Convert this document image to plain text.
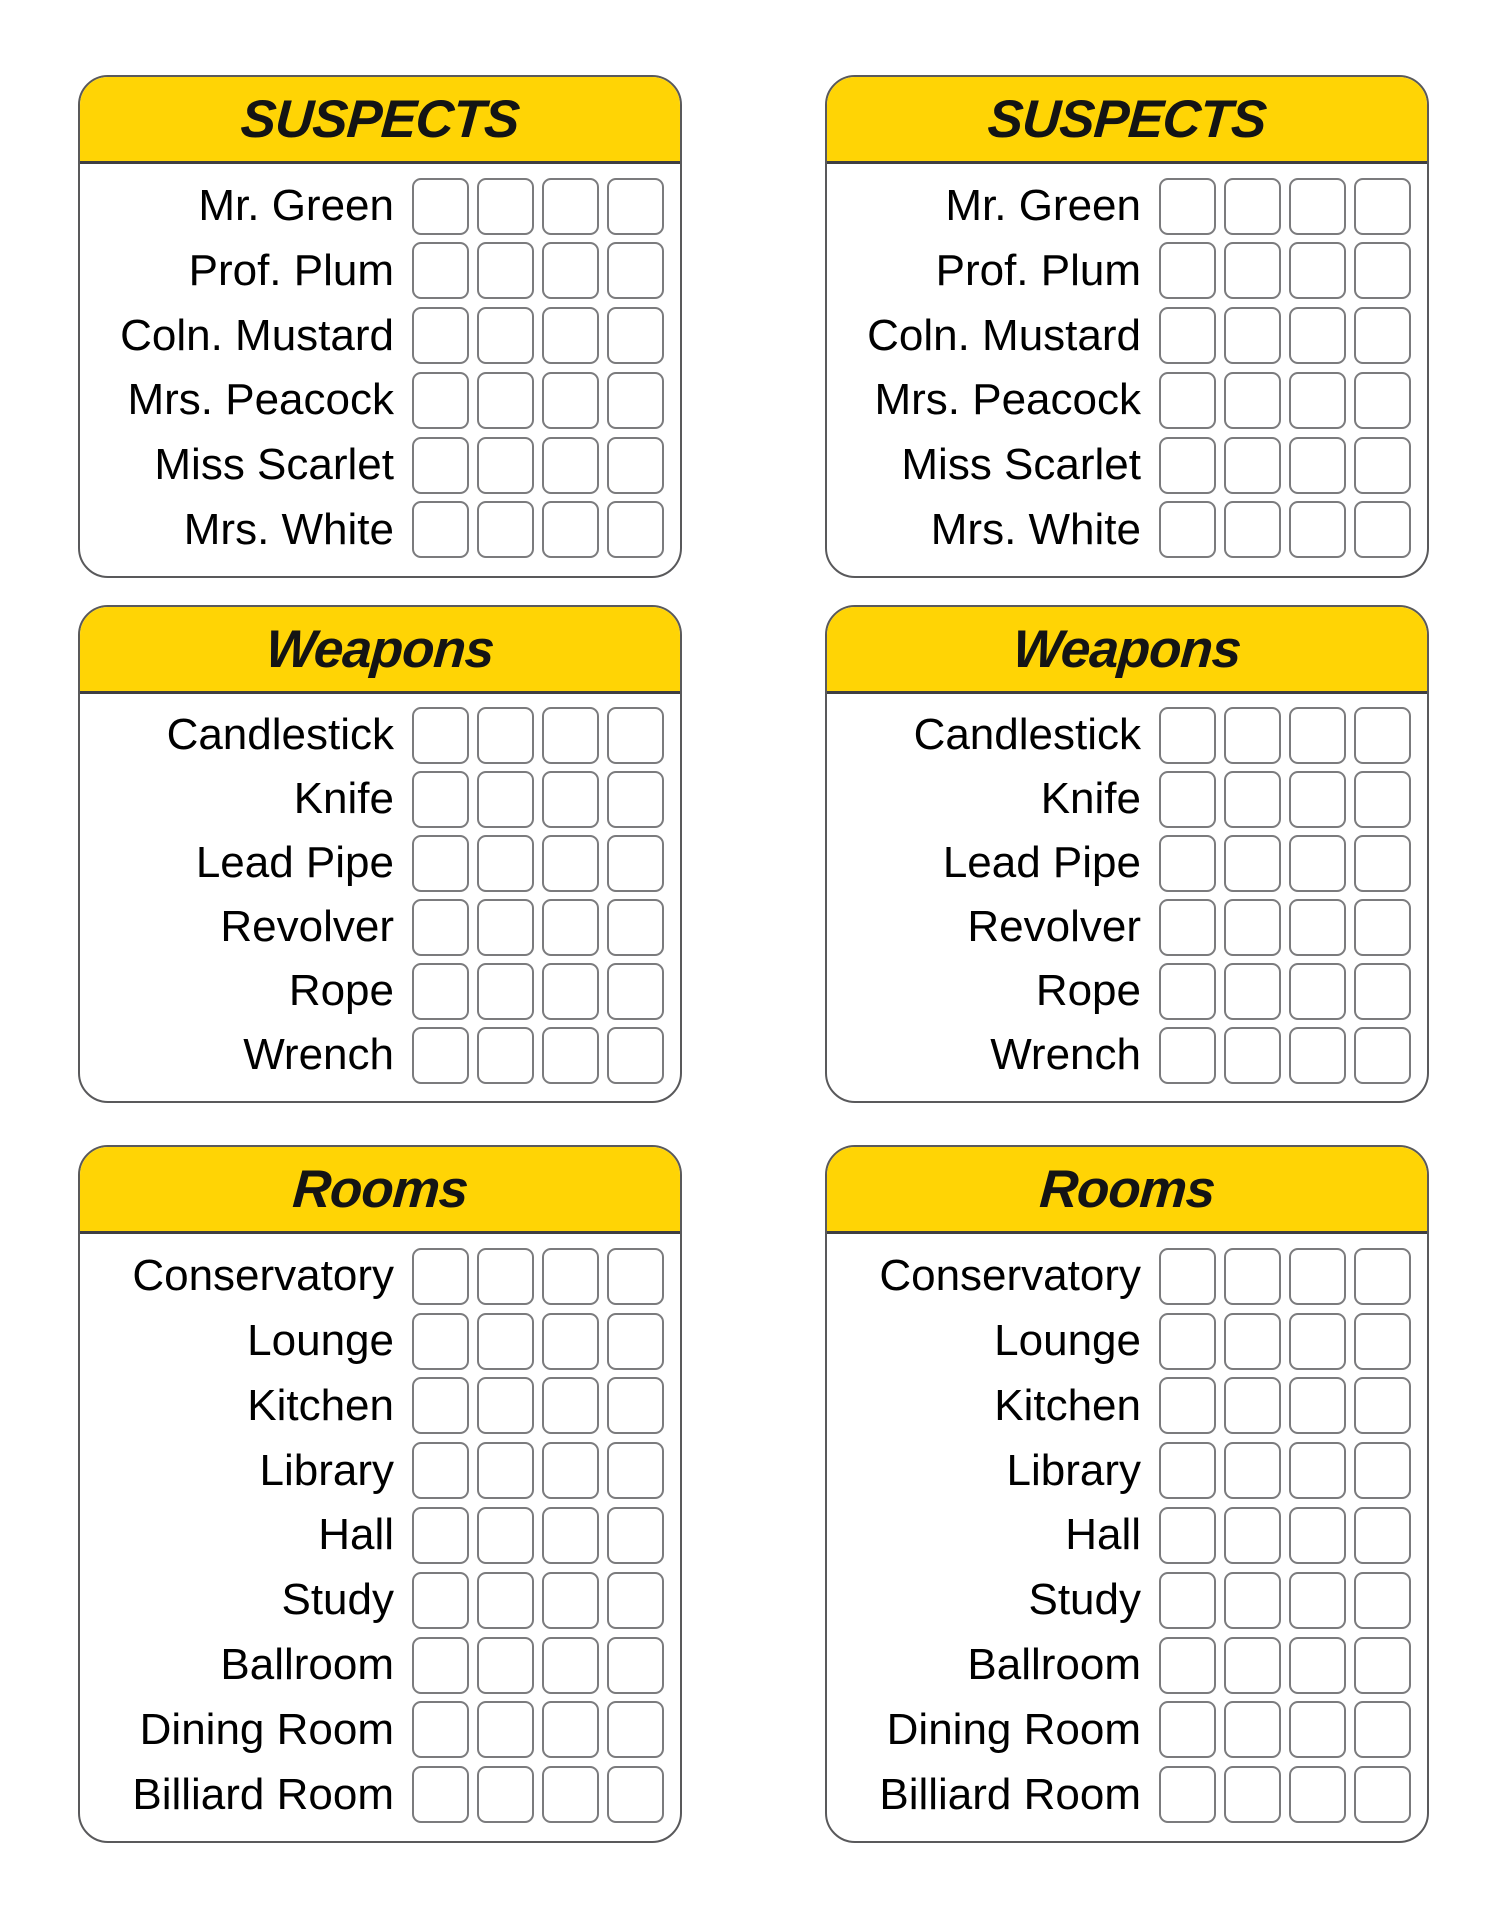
SUSPECTS
Mr. Green
Prof. Plum
Coln. Mustard
Mrs. Peacock
Miss Scarlet
Mrs. White
SUSPECTS
Mr. Green
Prof. Plum
Coln. Mustard
Mrs. Peacock
Miss Scarlet
Mrs. White
Weapons
Candlestick
Knife
Lead Pipe
Revolver
Rope
Wrench
Weapons
Candlestick
Knife
Lead Pipe
Revolver
Rope
Wrench
Rooms
Conservatory
Lounge
Kitchen
Library
Hall
Study
Ballroom
Dining Room
Billiard Room
Rooms
Conservatory
Lounge
Kitchen
Library
Hall
Study
Ballroom
Dining Room
Billiard Room
